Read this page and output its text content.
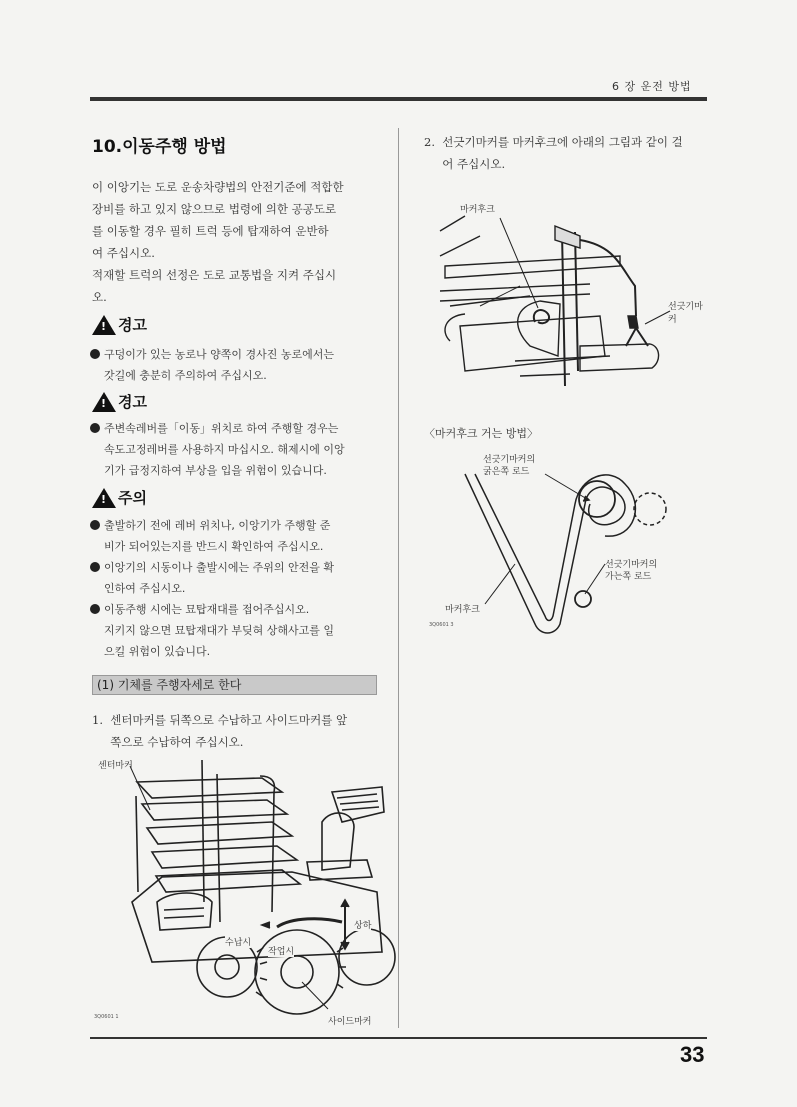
6 장 운전 방법
10.이동주행 방법
이 이앙기는 도로 운송차량법의 안전기준에 적합한
장비를 하고 있지 않으므로 법령에 의한 공공도로
를 이동할 경우 필히 트럭 등에 탑재하여 운반하
여 주십시오.
적재할 트럭의 선정은 도로 교통법을 지켜 주십시
오.
! 경고
구덩이가 있는 농로나 양쪽이 경사진 농로에서는
갓길에 충분히 주의하여 주십시오.
! 경고
주변속레버를「이동」위치로 하여 주행할 경우는
속도고정레버를 사용하지 마십시오. 해제시에 이앙
기가 급정지하여 부상을 입을 위험이 있습니다.
! 주의
출발하기 전에 레버 위치나, 이앙기가 주행할 준
비가 되어있는지를 반드시 확인하여 주십시오.
이앙기의 시동이나 출발시에는 주위의 안전을 확
인하여 주십시오.
이동주행 시에는 묘탑재대를 접어주십시오.
지키지 않으면 묘탑재대가 부딪혀 상해사고를 일
으킬 위험이 있습니다.
(1) 기체를 주행자세로 한다
1.  센터마커를 뒤쪽으로 수납하고 사이드마커를 앞
쪽으로 수납하여 주십시오.
센터마커
수납시
작업시
상하
사이드마커
3Q0601 1
2.  선긋기마커를 마커후크에 아래의 그림과 같이 걸
어 주십시오.
마커후크
선긋기마커
〈마커후크 거는 방법〉
선긋기마커의
굵은쪽 로드
선긋기마커의
가는쪽 로드
마커후크
3Q0601 3
33
